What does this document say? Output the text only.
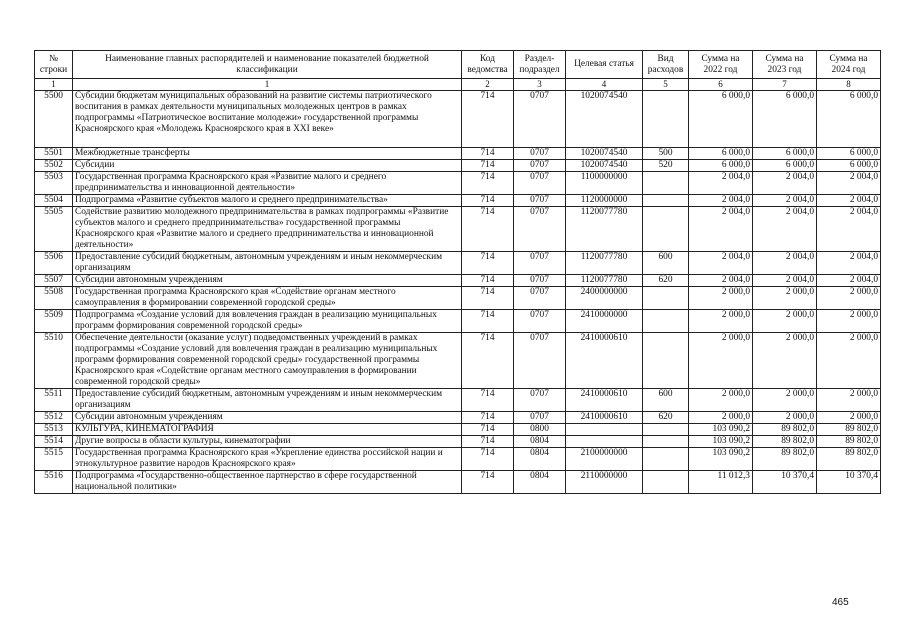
№ строки	Наименование главных распорядителей и наименование показателей бюджетной классификации	Код ведомства	Раздел-подраздел	Целевая статья	Вид расходов	Сумма на 2022 год	Сумма на 2023 год	Сумма на 2024 год
1	1	2	3	4	5	6	7	8
5500	Субсидии бюджетам муниципальных образований на развитие системы патриотического воспитания в рамках деятельности муниципальных молодежных центров в рамках подпрограммы «Патриотическое воспитание молодежи» государственной программы Красноярского края «Молодежь Красноярского края в XXI веке»	714	0707	1020074540		6 000,0	6 000,0	6 000,0
5501	Межбюджетные трансферты	714	0707	1020074540	500	6 000,0	6 000,0	6 000,0
5502	Субсидии	714	0707	1020074540	520	6 000,0	6 000,0	6 000,0
5503	Государственная программа Красноярского края «Развитие малого и среднего предпринимательства и инновационной деятельности»	714	0707	1100000000		2 004,0	2 004,0	2 004,0
5504	Подпрограмма «Развитие субъектов малого и среднего предпринимательства»	714	0707	1120000000		2 004,0	2 004,0	2 004,0
5505	Содействие развитию молодежного предпринимательства в рамках подпрограммы «Развитие субъектов малого и среднего предпринимательства» государственной программы Красноярского края «Развитие малого и среднего предпринимательства и инновационной деятельности»	714	0707	1120077780		2 004,0	2 004,0	2 004,0
5506	Предоставление субсидий бюджетным, автономным учреждениям и иным некоммерческим организациям	714	0707	1120077780	600	2 004,0	2 004,0	2 004,0
5507	Субсидии автономным учреждениям	714	0707	1120077780	620	2 004,0	2 004,0	2 004,0
5508	Государственная программа Красноярского края «Содействие органам местного самоуправления в формировании современной городской среды»	714	0707	2400000000		2 000,0	2 000,0	2 000,0
5509	Подпрограмма «Создание условий для вовлечения граждан в реализацию муниципальных программ формирования современной городской среды»	714	0707	2410000000		2 000,0	2 000,0	2 000,0
5510	Обеспечение деятельности (оказание услуг) подведомственных учреждений в рамках подпрограммы «Создание условий для вовлечения граждан в реализацию муниципальных программ формирования современной городской среды» государственной программы Красноярского края «Содействие органам местного самоуправления в формировании современной городской среды»	714	0707	2410000610		2 000,0	2 000,0	2 000,0
5511	Предоставление субсидий бюджетным, автономным учреждениям и иным некоммерческим организациям	714	0707	2410000610	600	2 000,0	2 000,0	2 000,0
5512	Субсидии автономным учреждениям	714	0707	2410000610	620	2 000,0	2 000,0	2 000,0
5513	КУЛЬТУРА, КИНЕМАТОГРАФИЯ	714	0800			103 090,2	89 802,0	89 802,0
5514	Другие вопросы в области культуры, кинематографии	714	0804			103 090,2	89 802,0	89 802,0
5515	Государственная программа Красноярского края «Укрепление единства российской нации и этнокультурное развитие народов Красноярского края»	714	0804	2100000000		103 090,2	89 802,0	89 802,0
5516	Подпрограмма «Государственно-общественное партнерство в сфере государственной национальной политики»	714	0804	2110000000		11 012,3	10 370,4	10 370,4
465
